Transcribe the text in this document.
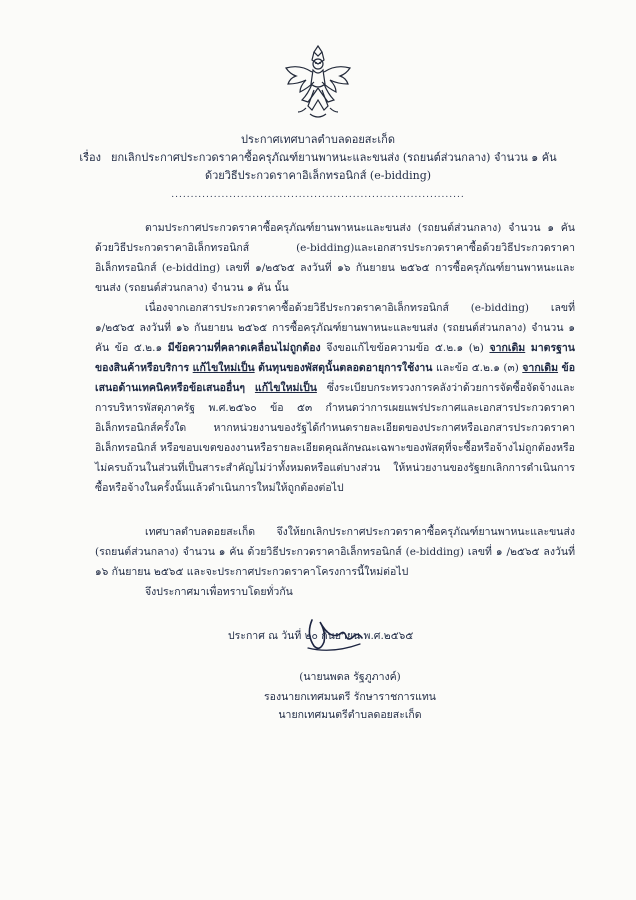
ประกาศเทศบาลตำบลดอยสะเก็ด
เรื่อง ยกเลิกประกาศประกวดราคาซื้อครุภัณฑ์ยานพาหนะและขนส่ง (รถยนต์ส่วนกลาง) จำนวน ๑ คัน
ด้วยวิธีประกวดราคาอิเล็กทรอนิกส์ (e-bidding)
............................................................................

ตามประกาศประกวดราคาซื้อครุภัณฑ์ยานพาหนะและขนส่ง (รถยนต์ส่วนกลาง) จำนวน ๑ คัน ด้วยวิธีประกวดราคาอิเล็กทรอนิกส์ (e-bidding)และเอกสารประกวดราคาซื้อด้วยวิธีประกวดราคาอิเล็กทรอนิกส์ (e-bidding) เลขที่ ๑/๒๕๖๕ ลงวันที่ ๑๖ กันยายน ๒๕๖๕ การซื้อครุภัณฑ์ยานพาหนะและขนส่ง (รถยนต์ส่วนกลาง) จำนวน ๑ คัน นั้น

เนื่องจากเอกสารประกวดราคาซื้อด้วยวิธีประกวดราคาอิเล็กทรอนิกส์ (e-bidding) เลขที่ ๑/๒๕๖๕ ลงวันที่ ๑๖ กันยายน ๒๕๖๕ การซื้อครุภัณฑ์ยานพาหนะและขนส่ง (รถยนต์ส่วนกลาง) จำนวน ๑ คัน ข้อ ๕.๒.๑ มีข้อความที่คลาดเคลื่อนไม่ถูกต้อง จึงขอแก้ไขข้อความข้อ ๕.๒.๑ (๒) จากเดิม มาตรฐานของสินค้าหรือบริการ แก้ไขใหม่เป็น ต้นทุนของพัสดุนั้นตลอดอายุการใช้งาน และข้อ ๕.๒.๑ (๓) จากเดิม ข้อเสนอด้านเทคนิคหรือข้อเสนออื่นๆ แก้ไขใหม่เป็น ซึ่งระเบียบกระทรวงการคลังว่าด้วยการจัดซื้อจัดจ้างและการบริหารพัสดุภาครัฐ พ.ศ.๒๕๖๐ ข้อ ๕๓ กำหนดว่าการเผยแพร่ประกาศและเอกสารประกวดราคาอิเล็กทรอนิกส์ครั้งใด หากหน่วยงานของรัฐได้กำหนดรายละเอียดของประกาศหรือเอกสารประกวดราคาอิเล็กทรอนิกส์ หรือขอบเขตของงานหรือรายละเอียดคุณลักษณะเฉพาะของพัสดุที่จะซื้อหรือจ้างไม่ถูกต้องหรือไม่ครบถ้วนในส่วนที่เป็นสาระสำคัญไม่ว่าทั้งหมดหรือแต่บางส่วน ให้หน่วยงานของรัฐยกเลิกการดำเนินการซื้อหรือจ้างในครั้งนั้นแล้วดำเนินการใหม่ให้ถูกต้องต่อไป

เทศบาลตำบลดอยสะเก็ด จึงให้ยกเลิกประกาศประกวดราคาซื้อครุภัณฑ์ยานพาหนะและขนส่ง (รถยนต์ส่วนกลาง) จำนวน ๑ คัน ด้วยวิธีประกวดราคาอิเล็กทรอนิกส์ (e-bidding) เลขที่ ๑ /๒๕๖๕ ลงวันที่ ๑๖ กันยายน ๒๕๖๕ และจะประกาศประกวดราคาโครงการนี้ใหม่ต่อไป

จึงประกาศมาเพื่อทราบโดยทั่วกัน

ประกาศ ณ วันที่ ๒๐ กันยายน พ.ศ.๒๕๖๕
(นายนพดล รัฐภูภางค์)
รองนายกเทศมนตรี รักษาราชการแทน
นายกเทศมนตรีตำบลดอยสะเก็ด
